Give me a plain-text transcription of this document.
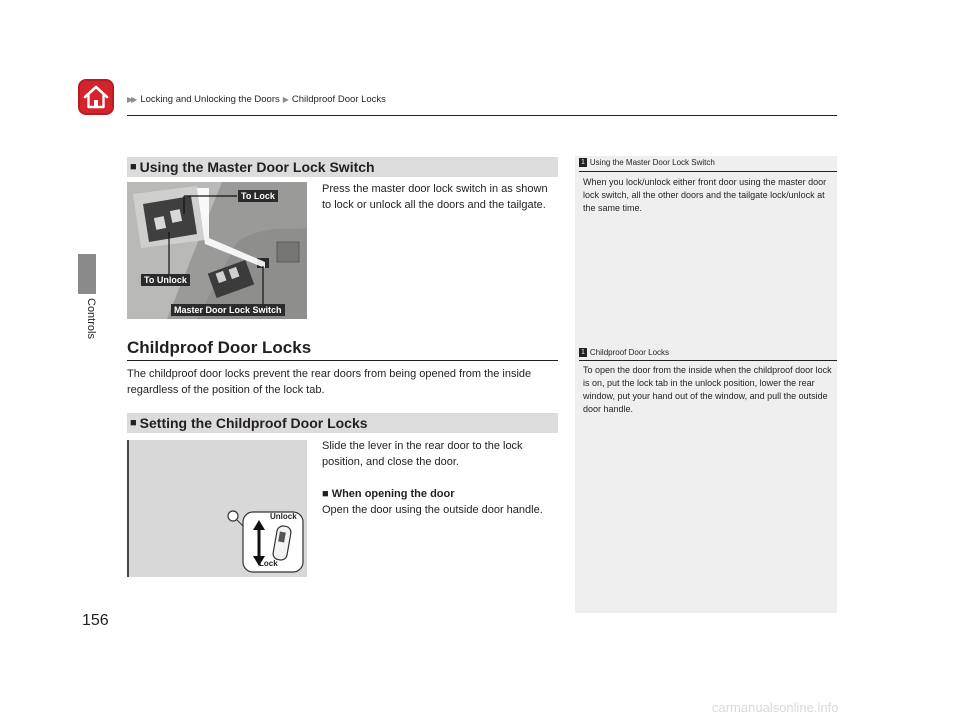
▶▶ Locking and Unlocking the Doors ▶ Childproof Door Locks
Controls
■ Using the Master Door Lock Switch
To Lock
To Unlock
Master Door Lock Switch
Press the master door lock switch in as shown to lock or unlock all the doors and the tailgate.
Childproof Door Locks
The childproof door locks prevent the rear doors from being opened from the inside regardless of the position of the lock tab.
■ Setting the Childproof Door Locks
Unlock
Lock
Slide the lever in the rear door to the lock position, and close the door.
■ When opening the door
Open the door using the outside door handle.
1 Using the Master Door Lock Switch
When you lock/unlock either front door using the master door lock switch, all the other doors and the tailgate lock/unlock at the same time.
1 Childproof Door Locks
To open the door from the inside when the childproof door lock is on, put the lock tab in the unlock position, lower the rear window, put your hand out of the window, and pull the outside door handle.
156
carmanualsonline.info
